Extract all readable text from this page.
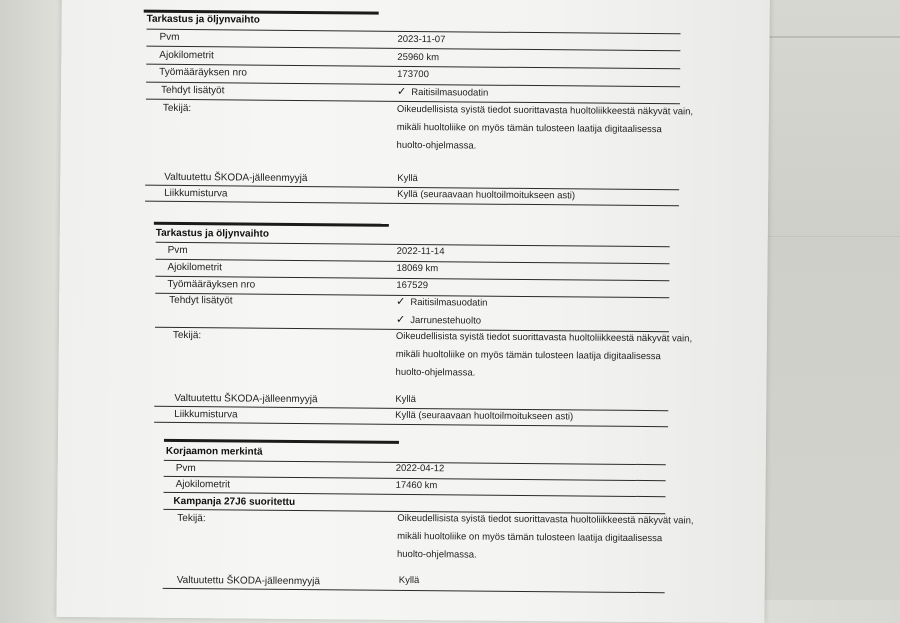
Tarkastus ja öljynvaihto
Pvm	2023-11-07
Ajokilometrit	25960 km
Työmääräyksen nro	173700
Tehdyt lisätyöt	✓ Raitisilmasuodatin
Tekijä:	Oikeudellisista syistä tiedot suorittavasta huoltoliikkeestä näkyvät vain,
mikäli huoltoliike on myös tämän tulosteen laatija digitaalisessa
huolto-ohjelmassa.
Valtuutettu ŠKODA-jälleenmyyjä	Kyllä
Liikkumisturva	Kyllä (seuraavaan huoltoilmoitukseen asti)
Tarkastus ja öljynvaihto
Pvm	2022-11-14
Ajokilometrit	18069 km
Työmääräyksen nro	167529
Tehdyt lisätyöt	✓ Raitisilmasuodatin
✓ Jarrunestehuolto
Tekijä:	Oikeudellisista syistä tiedot suorittavasta huoltoliikkeestä näkyvät vain,
mikäli huoltoliike on myös tämän tulosteen laatija digitaalisessa
huolto-ohjelmassa.
Valtuutettu ŠKODA-jälleenmyyjä	Kyllä
Liikkumisturva	Kyllä (seuraavaan huoltoilmoitukseen asti)
Korjaamon merkintä
Pvm	2022-04-12
Ajokilometrit	17460 km
Kampanja 27J6 suoritettu
Tekijä:	Oikeudellisista syistä tiedot suorittavasta huoltoliikkeestä näkyvät vain,
mikäli huoltoliike on myös tämän tulosteen laatija digitaalisessa
huolto-ohjelmassa.
Valtuutettu ŠKODA-jälleenmyyjä	Kyllä
